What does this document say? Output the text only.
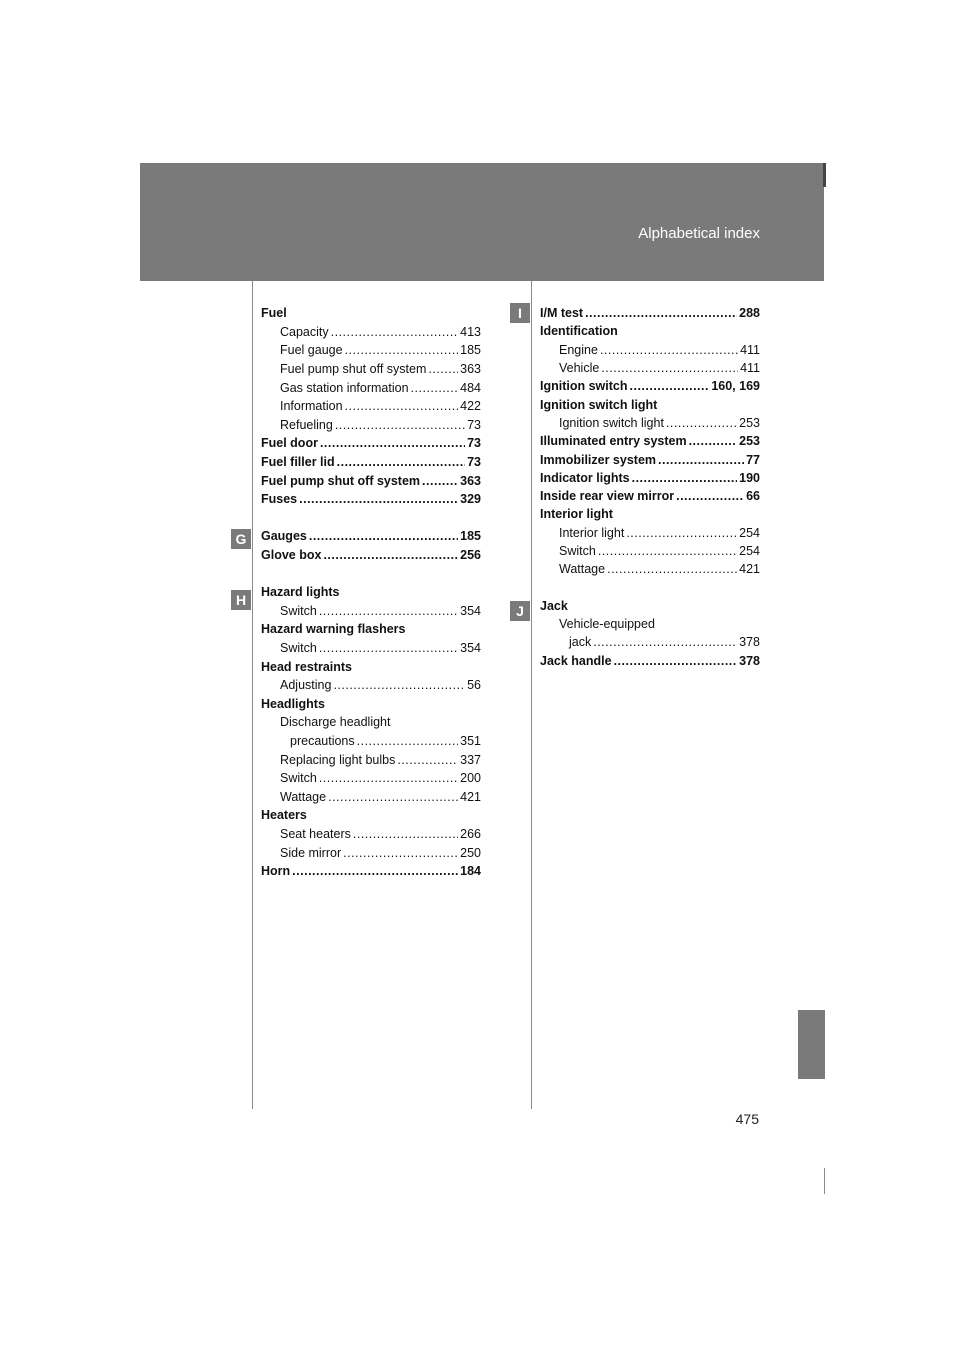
Alphabetical index
G
H
I
J
Fuel
Capacity .....	413
Fuel gauge .....	185
Fuel pump shut off system .....	363
Gas station information .....	484
Information .....	422
Refueling .....	73
Fuel door .....	73
Fuel filler lid .....	73
Fuel pump shut off system .....	363
Fuses .....	329
Gauges .....	185
Glove box .....	256
Hazard lights
Switch .....	354
Hazard warning flashers
Switch .....	354
Head restraints
Adjusting .....	56
Headlights
Discharge headlight
precautions .....	351
Replacing light bulbs .....	337
Switch .....	200
Wattage .....	421
Heaters
Seat heaters .....	266
Side mirror .....	250
Horn .....	184
I/M test .....	288
Identification
Engine .....	411
Vehicle .....	411
Ignition switch .....	160, 169
Ignition switch light
Ignition switch light .....	253
Illuminated entry system .....	253
Immobilizer system .....	77
Indicator lights .....	190
Inside rear view mirror .....	66
Interior light
Interior light .....	254
Switch .....	254
Wattage .....	421
Jack
Vehicle-equipped
jack .....	378
Jack handle .....	378
475
